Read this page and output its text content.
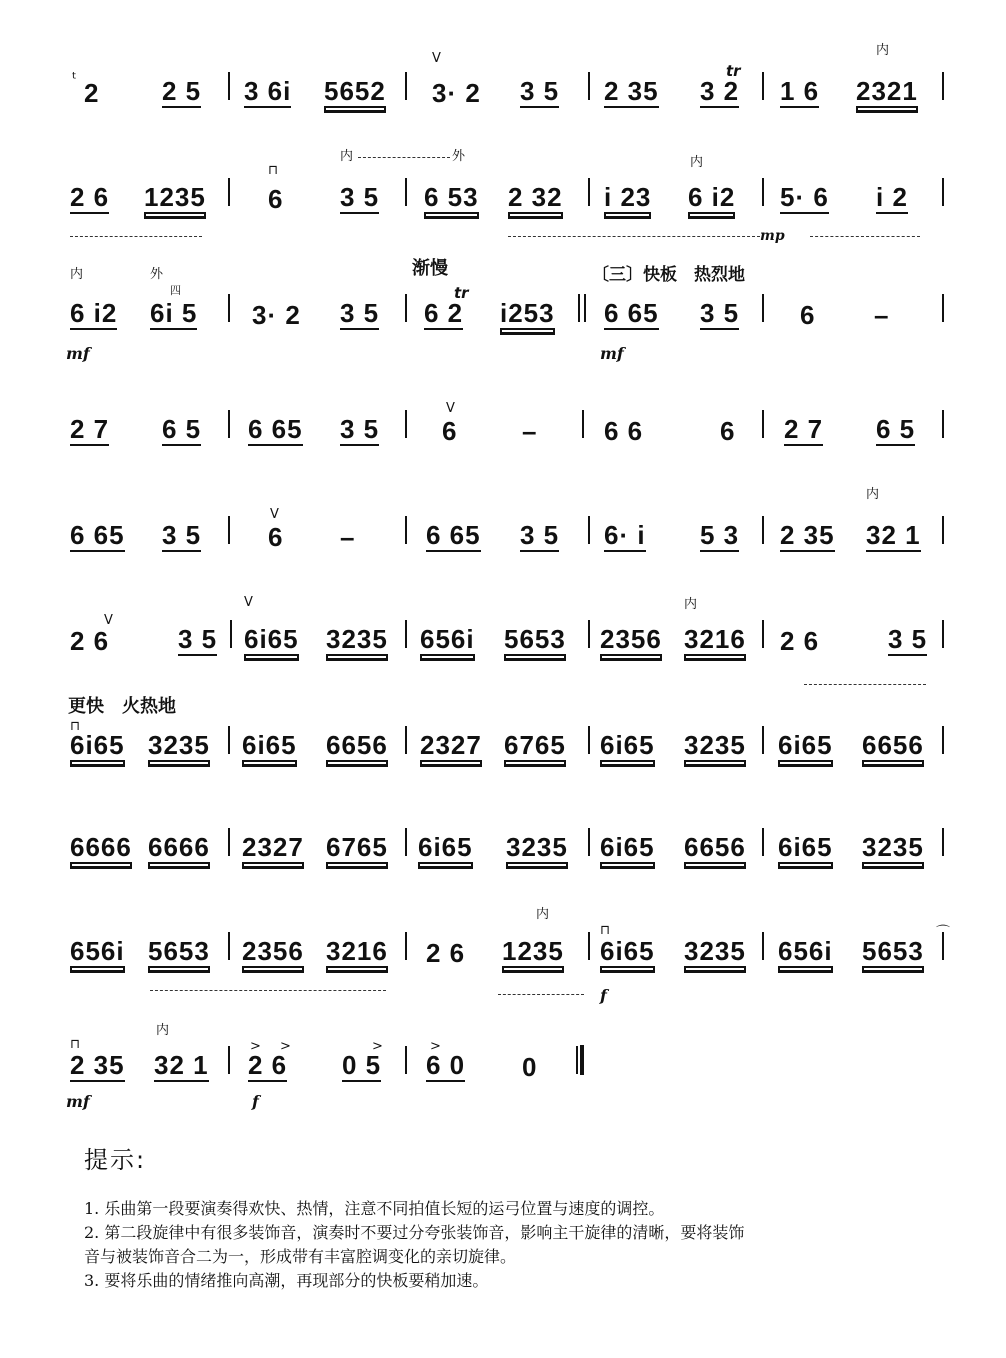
2 2 5 3 6i 5652 3· 2 3 5 2 35 3 2 1 6 2321
2 6 1235 6 3 5 6 53 2 32 i 23 6 i2 5· 6 i 2
6 i2 6i 5 3· 2 3 5 6 2 i253 6 65 3 5 6 –
2 7 6 5 6 65 3 5 6 –	6 6	6 2 7 6 5
6 65 3 5	6 –	6 65 3 5 6· i 5 3 2 35 32 1
2 6	3 5 6i65 3235 656i 5653 2356 3216 2 6	3 5
6i65 3235 6i65 6656 2327 6765 6i65 3235 6i65 6656
6666 6666 2327 6765 6i65 3235 6i65 6656 6i65 3235
656i 5653 2356 3216 2 6 1235 6i65 3235 656i 5653
2 35 32 1 2 6 0 5 6 0 0
ᵗ
V
tr
内
⊓
内	外	内
mp
内	外
四
渐慢
tr
〔三〕快板　热烈地
mf	mf
V
V
内
V
V	内
更快　火热地
⊓
内
⊓
f
⌒
⊓
内
> >	>	>
mf	f
提示:

1. 乐曲第一段要演奏得欢快、热情，注意不同拍值长短的运弓位置与速度的调控。

2. 第二段旋律中有很多装饰音，演奏时不要过分夸张装饰音，影响主干旋律的清晰，要将装饰

音与被装饰音合二为一，形成带有丰富腔调变化的亲切旋律。

3. 要将乐曲的情绪推向高潮，再现部分的快板要稍加速。
